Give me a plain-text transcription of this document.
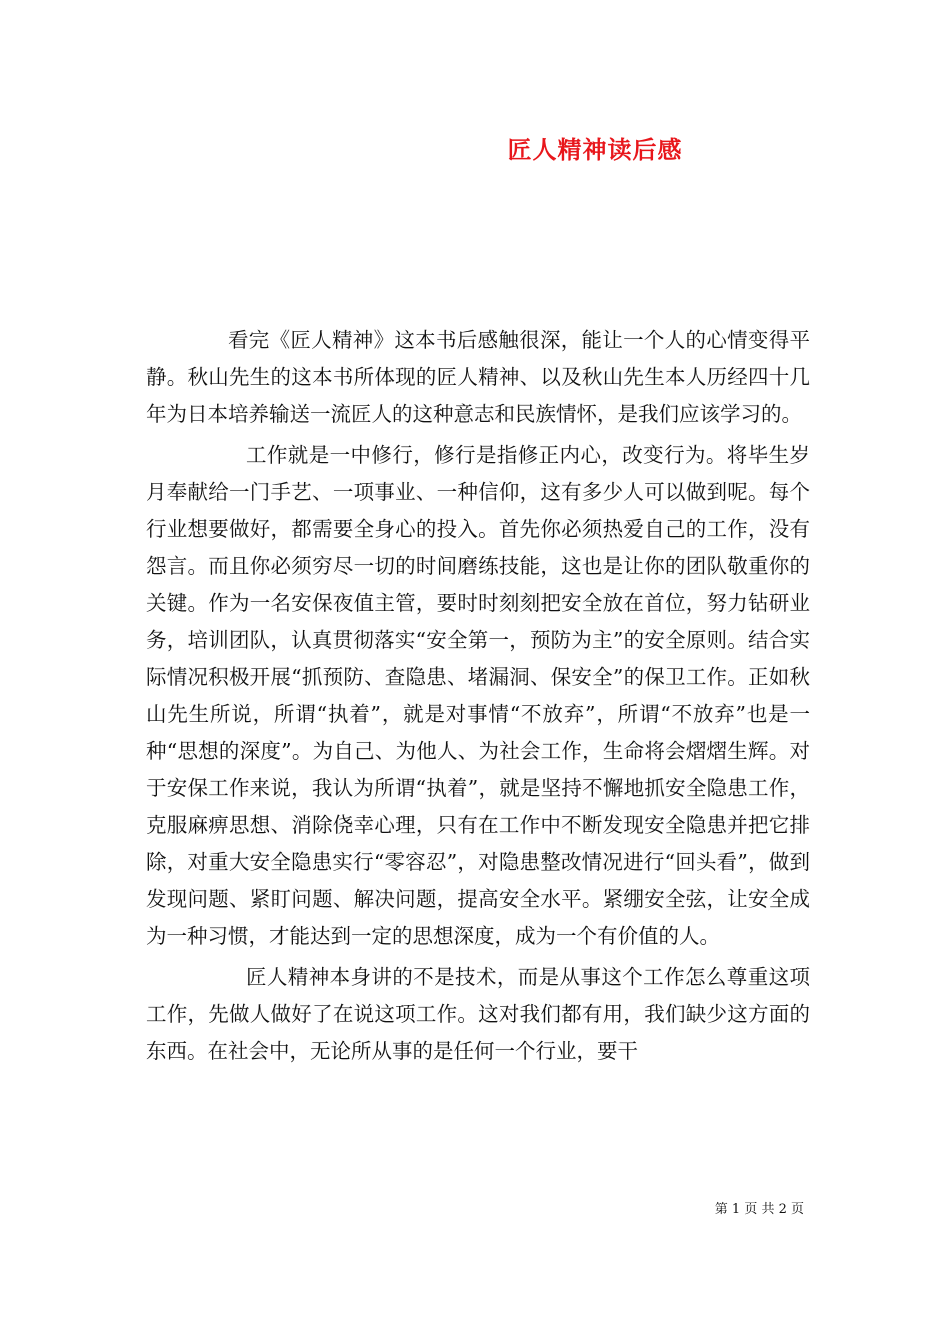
匠人精神读后感

看完《匠人精神》这本书后感触很深，能让一个人的心情变得平静。秋山先生的这本书所体现的匠人精神、以及秋山先生本人历经四十几年为日本培养输送一流匠人的这种意志和民族情怀，是我们应该学习的。

工作就是一中修行，修行是指修正内心，改变行为。将毕生岁月奉献给一门手艺、一项事业、一种信仰，这有多少人可以做到呢。每个行业想要做好，都需要全身心的投入。首先你必须热爱自己的工作，没有怨言。而且你必须穷尽一切的时间磨练技能，这也是让你的团队敬重你的关键。作为一名安保夜值主管，要时时刻刻把安全放在首位，努力钻研业务，培训团队，认真贯彻落实“安全第一，预防为主”的安全原则。结合实际情况积极开展“抓预防、查隐患、堵漏洞、保安全”的保卫工作。正如秋山先生所说，所谓“执着”，就是对事情“不放弃”，所谓“不放弃”也是一种“思想的深度”。为自己、为他人、为社会工作，生命将会熠熠生辉。对于安保工作来说，我认为所谓“执着”，就是坚持不懈地抓安全隐患工作，克服麻痹思想、消除侥幸心理，只有在工作中不断发现安全隐患并把它排除，对重大安全隐患实行“零容忍”，对隐患整改情况进行“回头看”，做到发现问题、紧盯问题、解决问题，提高安全水平。紧绷安全弦，让安全成为一种习惯，才能达到一定的思想深度，成为一个有价值的人。

匠人精神本身讲的不是技术，而是从事这个工作怎么尊重这项工作，先做人做好了在说这项工作。这对我们都有用，我们缺少这方面的东西。在社会中，无论所从事的是任何一个行业，要干

第 1 页 共 2 页
